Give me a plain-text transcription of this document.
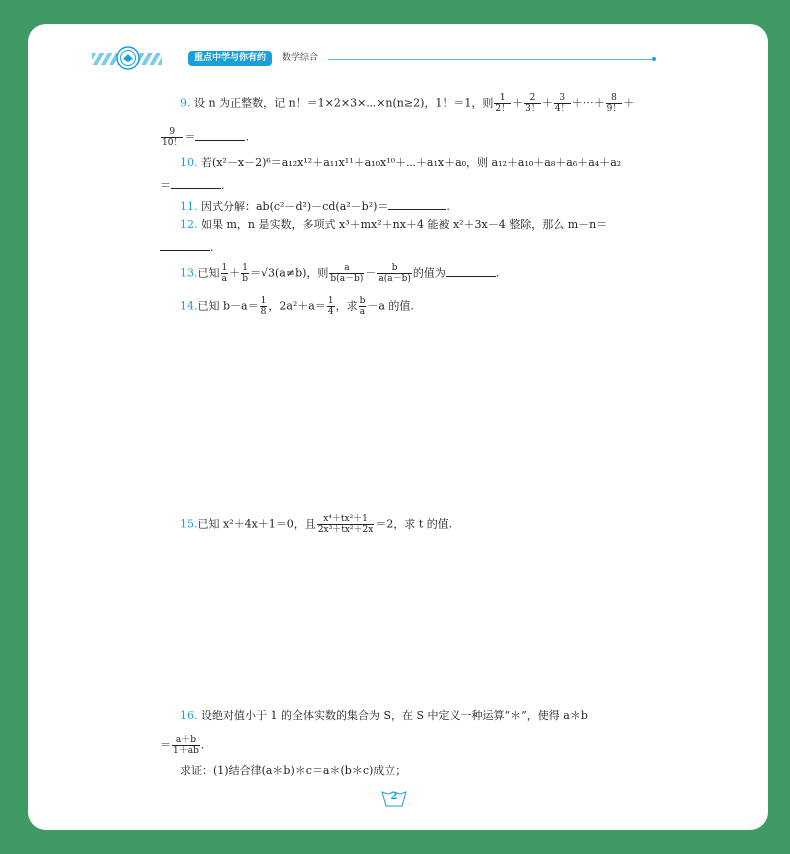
重点中学与你有约	数学综合
9. 设 n 为正整数，记 n！＝1×2×3×⋯×n(n≥2)，1！＝1，则 $\frac{1}{2!} + \frac{2}{3!} + \frac{3}{4!}$ ＋⋯＋ $\frac{8}{9!}$ ＋
$\frac{9}{10!}$ ＝	.
10. 若(x²－x－2)⁶＝a₁₂x¹²＋a₁₁x¹¹＋a₁₀x¹⁰＋⋯＋a₁x＋a₀，则 a₁₂＋a₁₀＋a₈＋a₆＋a₄＋a₂
＝	.
11. 因式分解：ab(c²－d²)－cd(a²－b²)＝	.
12. 如果 m，n 是实数，多项式 x³＋mx²＋nx＋4 能被 x²＋3x－4 整除，那么 m－n＝
.
13.已知 $\frac{1}{a} + \frac{1}{b} =√3(a\ne b)$，则 $\frac{a}{b(a-b)} - \frac{b}{a(a-b)}$ 的值为	.
14.已知 $b-a= \frac{1}{8}$ ，$2a^2+a= \frac{1}{4}$ ，求 $\frac{b}{a} -a$ 的值.
15.已知 x²＋4x＋1＝0，且 $\frac{\text{x⁴＋tx²＋1}}{\text{2x³＋tx²＋2x}} =2$，求 t 的值.
16. 设绝对值小于 1 的全体实数的集合为 S，在 S 中定义一种运算“＊”，使得 a＊b
＝ $\frac{a+b}{1+ab}$ .
求证：(1)结合律(a＊b)＊c＝a＊(b＊c)成立；
2
